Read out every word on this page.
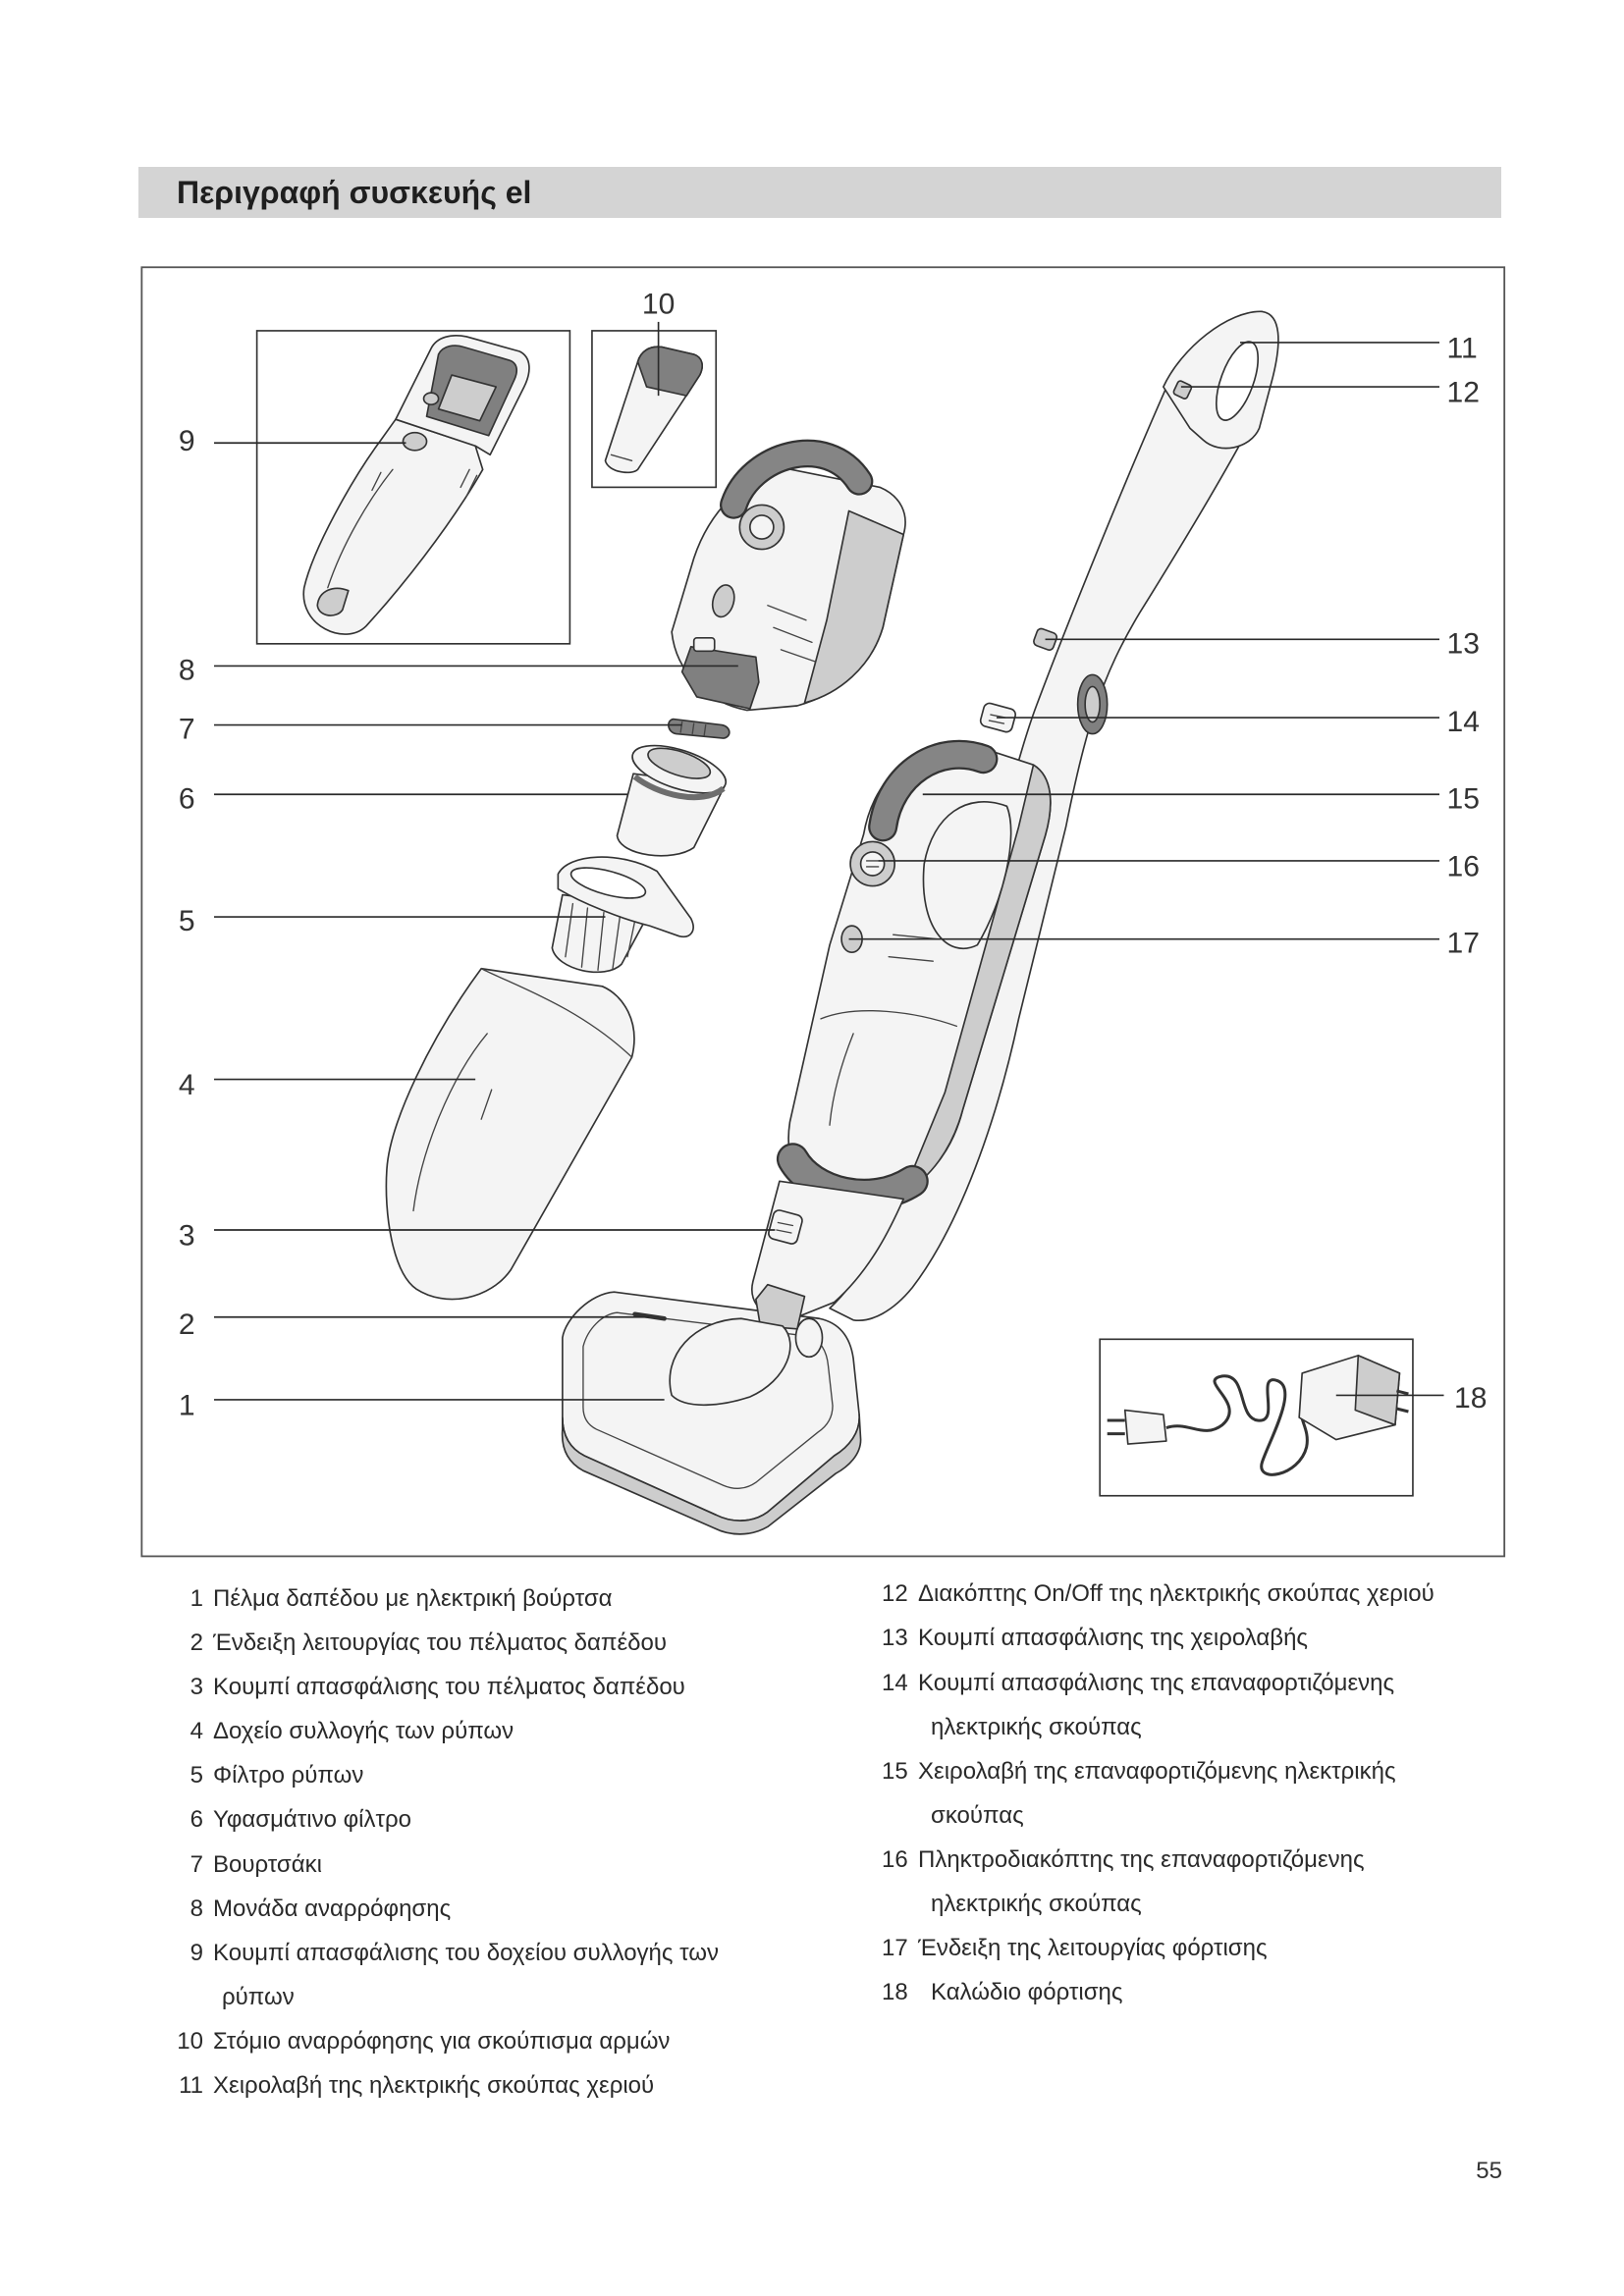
Περιγραφή συσκευής el
1
2
3
4
5
6
7
8
9
10
11
12
13
14
15
16
17
18
1 Πέλμα δαπέδου με ηλεκτρική βούρτσα
2 Ένδειξη λειτουργίας του πέλματος δαπέδου
3 Κουμπί απασφάλισης του πέλματος δαπέδου
4 Δοχείο συλλογής των ρύπων
5 Φίλτρο ρύπων
6 Υφασμάτινο φίλτρο
7 Βουρτσάκι
8 Μονάδα αναρρόφησης
9 Κουμπί απασφάλισης του δοχείου συλλογής των
ρύπων
10 Στόμιο αναρρόφησης για σκούπισμα αρμών
11 Χειρολαβή της ηλεκτρικής σκούπας χεριού
12 Διακόπτης On/Off της ηλεκτρικής σκούπας χεριού
13 Κουμπί απασφάλισης της χειρολαβής
14 Κουμπί απασφάλισης της επαναφορτιζόμενης
ηλεκτρικής σκούπας
15 Χειρολαβή της επαναφορτιζόμενης ηλεκτρικής
σκούπας
16 Πληκτροδιακόπτης της επαναφορτιζόμενης
ηλεκτρικής σκούπας
17 Ένδειξη της λειτουργίας φόρτισης
18 Καλώδιο φόρτισης
55
